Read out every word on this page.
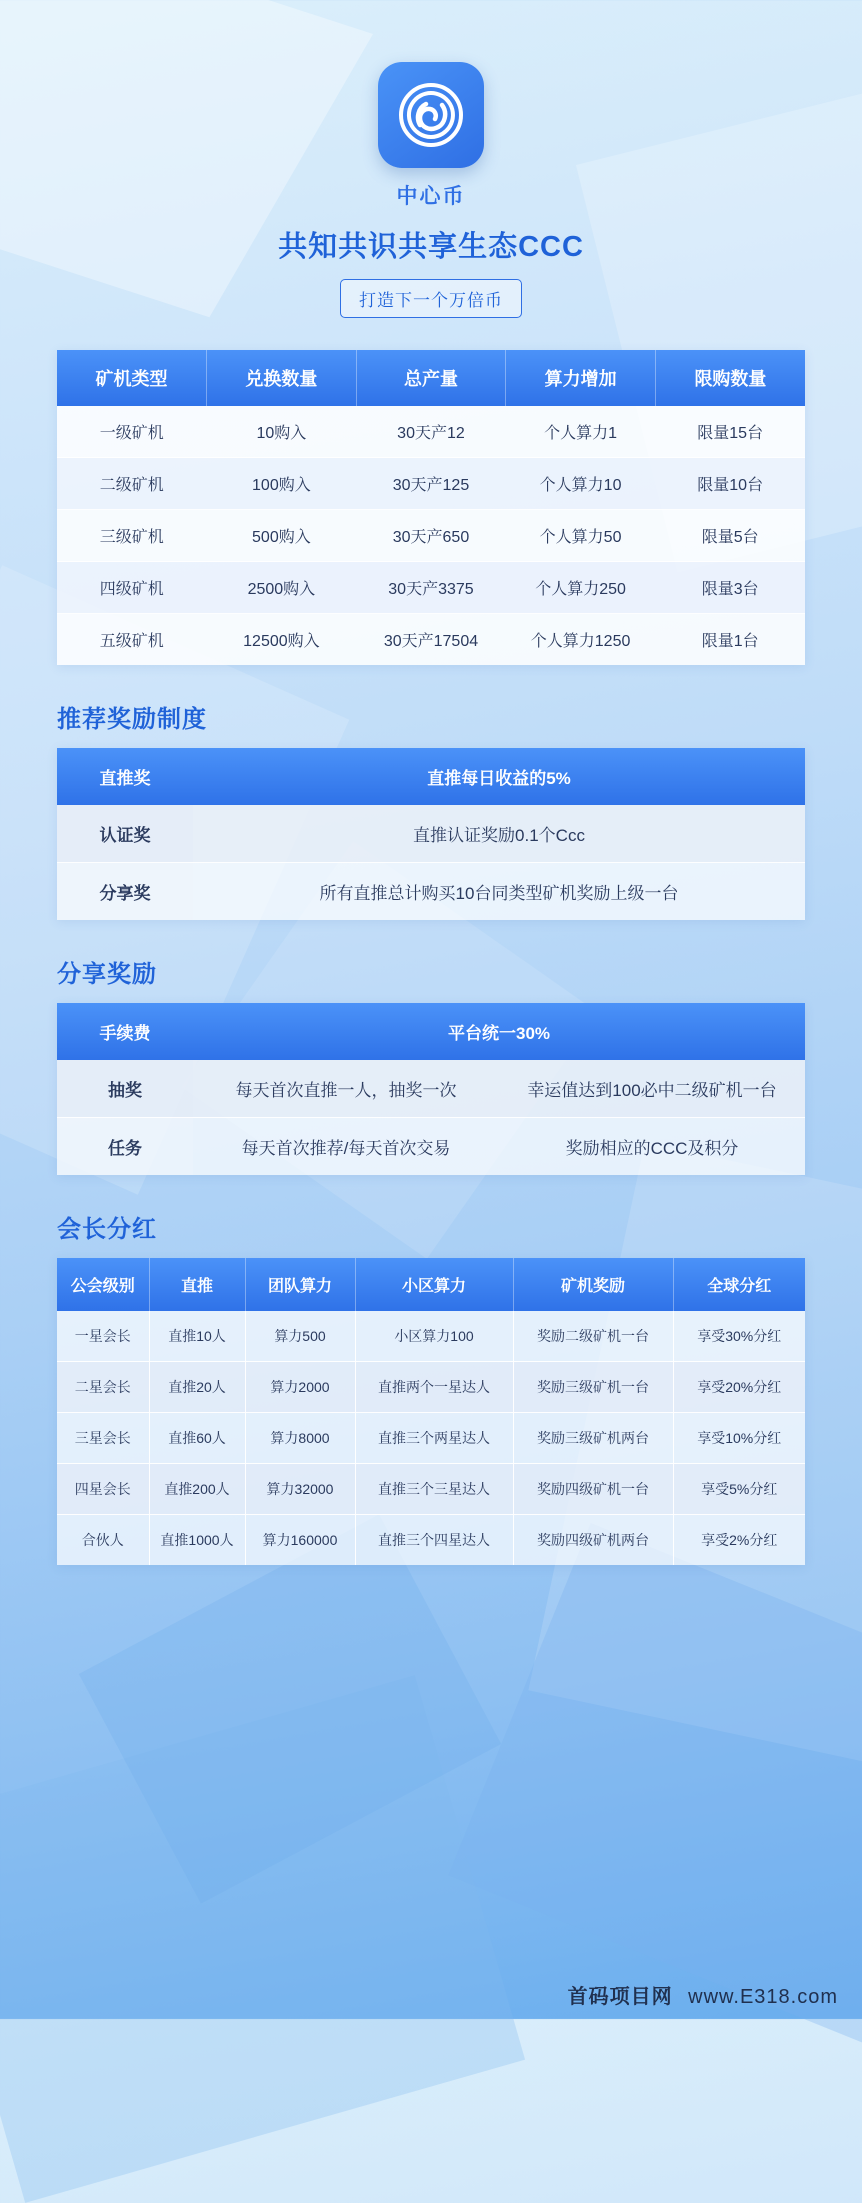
中心币
共知共识共享生态CCC
打造下一个万倍币
矿机类型	兑换数量	总产量	算力增加	限购数量
一级矿机	10购入	30天产12	个人算力1	限量15台
二级矿机	100购入	30天产125	个人算力10	限量10台
三级矿机	500购入	30天产650	个人算力50	限量5台
四级矿机	2500购入	30天产3375	个人算力250	限量3台
五级矿机	12500购入	30天产17504	个人算力1250	限量1台
推荐奖励制度
直推奖	直推每日收益的5%
认证奖	直推认证奖励0.1个Ccc
分享奖	所有直推总计购买10台同类型矿机奖励上级一台
分享奖励
手续费	平台统一30%	
抽奖	每天首次直推一人，抽奖一次	幸运值达到100必中二级矿机一台
任务	每天首次推荐/每天首次交易	奖励相应的CCC及积分
会长分红
公会级别	直推	团队算力	小区算力	矿机奖励	全球分红
一星会长	直推10人	算力500	小区算力100	奖励二级矿机一台	享受30%分红
二星会长	直推20人	算力2000	直推两个一星达人	奖励三级矿机一台	享受20%分红
三星会长	直推60人	算力8000	直推三个两星达人	奖励三级矿机两台	享受10%分红
四星会长	直推200人	算力32000	直推三个三星达人	奖励四级矿机一台	享受5%分红
合伙人	直推1000人	算力160000	直推三个四星达人	奖励四级矿机两台	享受2%分红
首码项目网 www.E318.com
